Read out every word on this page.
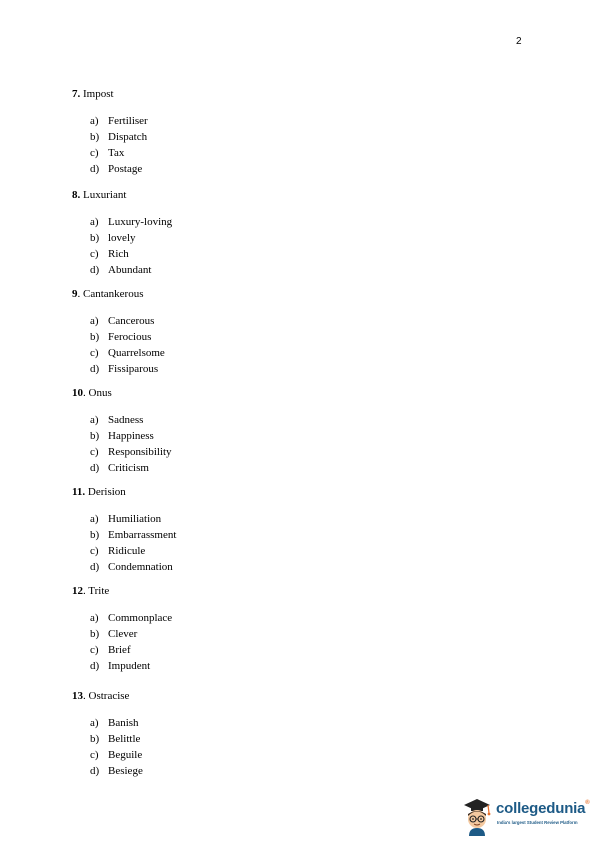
2

7. Impost

a) Fertiliser
b) Dispatch
c) Tax
d) Postage

8. Luxuriant

a) Luxury-loving
b) lovely
c) Rich
d) Abundant

9. Cantankerous

a) Cancerous
b) Ferocious
c) Quarrelsome
d) Fissiparous

10. Onus

a) Sadness
b) Happiness
c) Responsibility
d) Criticism

11. Derision

a) Humiliation
b) Embarrassment
c) Ridicule
d) Condemnation

12. Trite

a) Commonplace
b) Clever
c) Brief
d) Impudent

13. Ostracise

a) Banish
b) Belittle
c) Beguile
d) Besiege
collegedunia®
India's largest Student Review Platform
